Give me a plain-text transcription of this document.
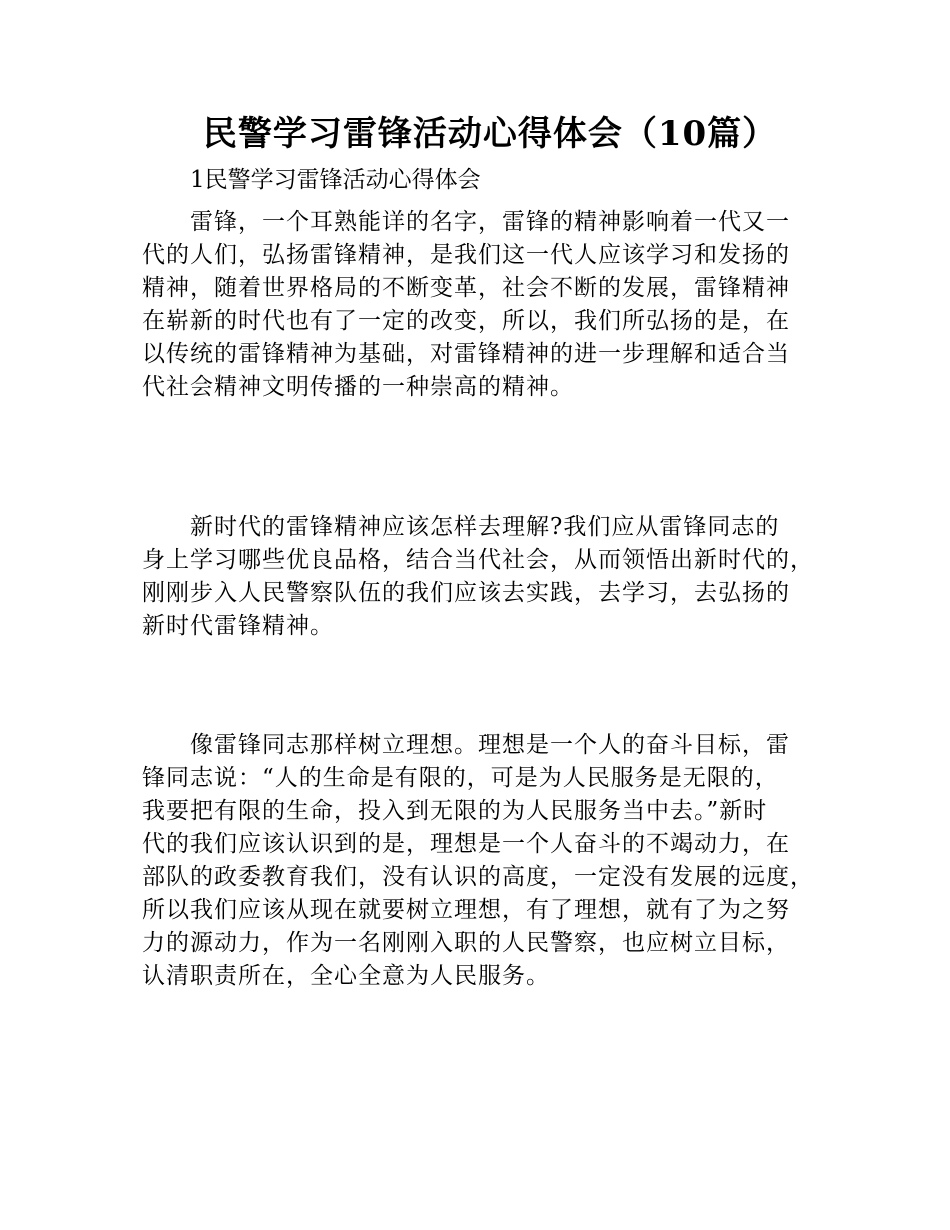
民警学习雷锋活动心得体会（10篇）
1民警学习雷锋活动心得体会
雷锋，一个耳熟能详的名字，雷锋的精神影响着一代又一
代的人们，弘扬雷锋精神，是我们这一代人应该学习和发扬的
精神，随着世界格局的不断变革，社会不断的发展，雷锋精神
在崭新的时代也有了一定的改变，所以，我们所弘扬的是，在
以传统的雷锋精神为基础，对雷锋精神的进一步理解和适合当
代社会精神文明传播的一种崇高的精神。
新时代的雷锋精神应该怎样去理解?我们应从雷锋同志的
身上学习哪些优良品格，结合当代社会，从而领悟出新时代的，
刚刚步入人民警察队伍的我们应该去实践，去学习，去弘扬的
新时代雷锋精神。
像雷锋同志那样树立理想。理想是一个人的奋斗目标，雷
锋同志说：“人的生命是有限的，可是为人民服务是无限的，
我要把有限的生命，投入到无限的为人民服务当中去。”新时
代的我们应该认识到的是，理想是一个人奋斗的不竭动力，在
部队的政委教育我们，没有认识的高度，一定没有发展的远度，
所以我们应该从现在就要树立理想，有了理想，就有了为之努
力的源动力，作为一名刚刚入职的人民警察，也应树立目标，
认清职责所在，全心全意为人民服务。
